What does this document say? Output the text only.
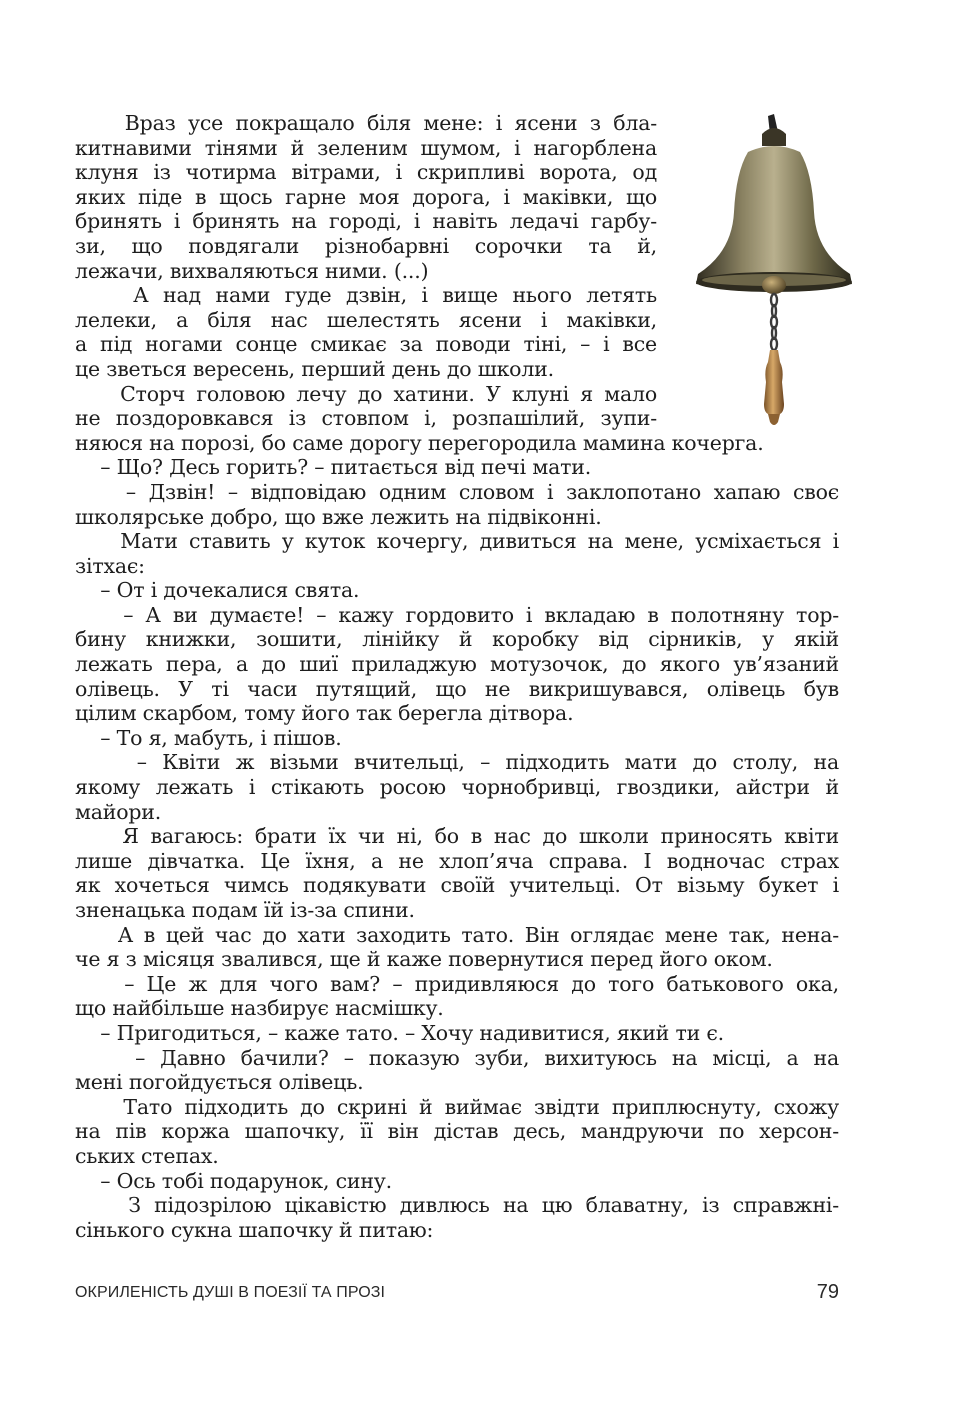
Враз усе покращало біля мене: і ясени з бла-
китнавими тінями й зеленим шумом, і нагорблена
клуня із чотирма вітрами, і скрипливі ворота, од
яких піде в щось гарне моя дорога, і маківки, що
бринять і бринять на городі, і навіть ледачі гарбу-
зи, що повдягали різнобарвні сорочки та й,
лежачи, вихваляються ними. (...)
А над нами гуде дзвін, і вище нього летять
лелеки, а біля нас шелестять ясени і маківки,
а під ногами сонце смикає за поводи тіні, – і все
це зветься вересень, перший день до школи.
Сторч головою лечу до хатини. У клуні я мало
не поздоровкався із стовпом і, розпашілий, зупи-
няюся на порозі, бо саме дорогу перегородила мамина кочерга.
– Що? Десь горить? – питається від печі мати.
– Дзвін! – відповідаю одним словом і заклопотано хапаю своє
школярське добро, що вже лежить на підвіконні.
Мати ставить у куток кочергу, дивиться на мене, усміхається і
зітхає:
– От і дочекалися свята.
– А ви думаєте! – кажу гордовито і вкладаю в полотняну тор-
бину книжки, зошити, лінійку й коробку від сірників, у якій
лежать пера, а до шиї приладжую мотузочок, до якого ув’язаний
олівець. У ті часи путящий, що не викришувався, олівець був
цілим скарбом, тому його так берегла дітвора.
– То я, мабуть, і пішов.
– Квіти ж візьми вчительці, – підходить мати до столу, на
якому лежать і стікають росою чорнобривці, гвоздики, айстри й
майори.
Я вагаюсь: брати їх чи ні, бо в нас до школи приносять квіти
лише дівчатка. Це їхня, а не хлоп’яча справа. І водночас страх
як хочеться чимсь подякувати своїй учительці. От візьму букет і
зненацька подам їй із-за спини.
А в цей час до хати заходить тато. Він оглядає мене так, нена-
че я з місяця звалився, ще й каже повернутися перед його оком.
– Це ж для чого вам? – придивляюся до того батькового ока,
що найбільше назбирує насмішку.
– Пригодиться, – каже тато. – Хочу надивитися, який ти є.
– Давно бачили? – показую зуби, вихитуюсь на місці, а на
мені погойдується олівець.
Тато підходить до скрині й виймає звідти приплюснуту, схожу
на пів коржа шапочку, її він дістав десь, мандруючи по херсон-
ських степах.
– Ось тобі подарунок, сину.
З підозрілою цікавістю дивлюсь на цю блаватну, із справжні-
сінького сукна шапочку й питаю:
ОКРИЛЕНІСТЬ ДУШІ В ПОЕЗІЇ ТА ПРОЗІ	79
